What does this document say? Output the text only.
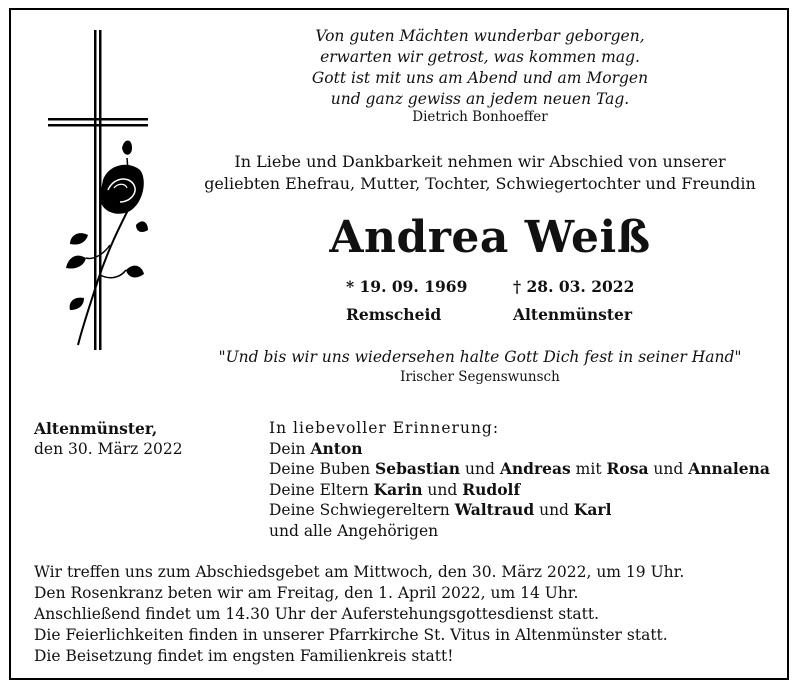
Von guten Mächten wunderbar geborgen,
erwarten wir getrost, was kommen mag.
Gott ist mit uns am Abend und am Morgen
und ganz gewiss an jedem neuen Tag.
Dietrich Bonhoeffer
In Liebe und Dankbarkeit nehmen wir Abschied von unserer
geliebten Ehefrau, Mutter, Tochter, Schwiegertochter und Freundin
Andrea Weiß
* 19. 09. 1969
Remscheid
† 28. 03. 2022
Altenmünster
"Und bis wir uns wiedersehen halte Gott Dich fest in seiner Hand"
Irischer Segenswunsch
Altenmünster,
den 30. März 2022
In liebevoller Erinnerung:
Dein Anton
Deine Buben Sebastian und Andreas mit Rosa und Annalena
Deine Eltern Karin und Rudolf
Deine Schwiegereltern Waltraud und Karl
und alle Angehörigen
Wir treffen uns zum Abschiedsgebet am Mittwoch, den 30. März 2022, um 19 Uhr.
Den Rosenkranz beten wir am Freitag, den 1. April 2022, um 14 Uhr.
Anschließend findet um 14.30 Uhr der Auferstehungsgottesdienst statt.
Die Feierlichkeiten finden in unserer Pfarrkirche St. Vitus in Altenmünster statt.
Die Beisetzung findet im engsten Familienkreis statt!
